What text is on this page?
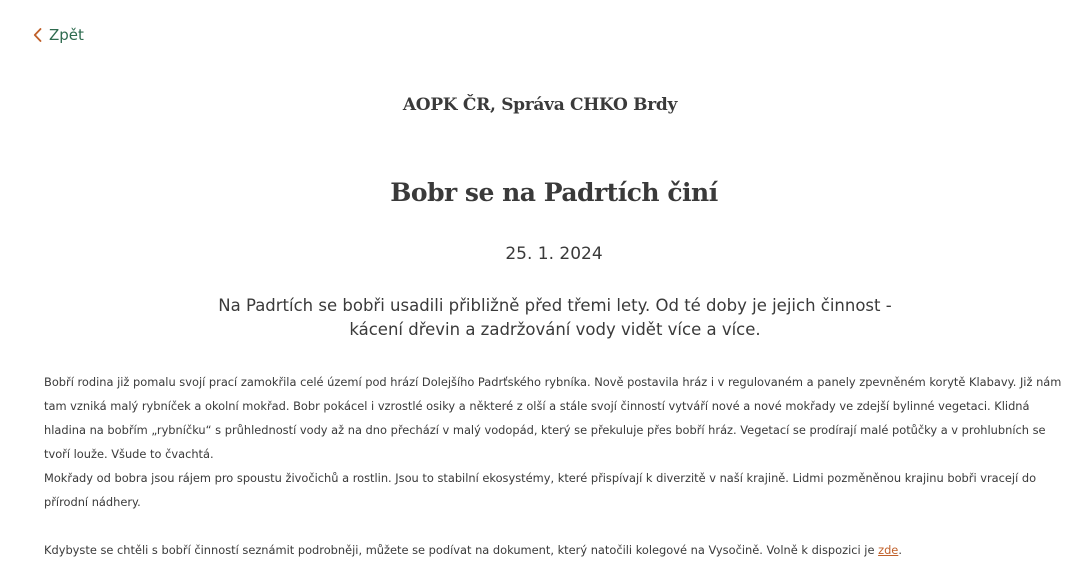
Zpět
AOPK ČR, Správa CHKO Brdy
Bobr se na Padrtích činí
25. 1. 2024
Na Padrtích se bobři usadili přibližně před třemi lety. Od té doby je jejich činnost -
kácení dřevin a zadržování vody vidět více a více.

Bobří rodina již pomalu svojí prací zamokřila celé území pod hrází Dolejšího Padrťského rybníka. Nově postavila hráz i v regulovaném a panely zpevněném korytě Klabavy. Již nám tam vzniká malý rybníček a okolní mokřad. Bobr pokácel i vzrostlé osiky a některé z olší a stále svojí činností vytváří nové a nové mokřady ve zdejší bylinné vegetaci. Klidná hladina na bobřím „rybníčku“ s průhledností vody až na dno přechází v malý vodopád, který se překuluje přes bobří hráz. Vegetací se prodírají malé potůčky a v prohlubních se tvoří louže. Všude to čvachtá.

Mokřady od bobra jsou rájem pro spoustu živočichů a rostlin. Jsou to stabilní ekosystémy, které přispívají k diverzitě v naší krajině. Lidmi pozměněnou krajinu bobři vracejí do přírodní nádhery.

Kdybyste se chtěli s bobří činností seznámit podrobněji, můžete se podívat na dokument, který natočili kolegové na Vysočině. Volně k dispozici je zde.
